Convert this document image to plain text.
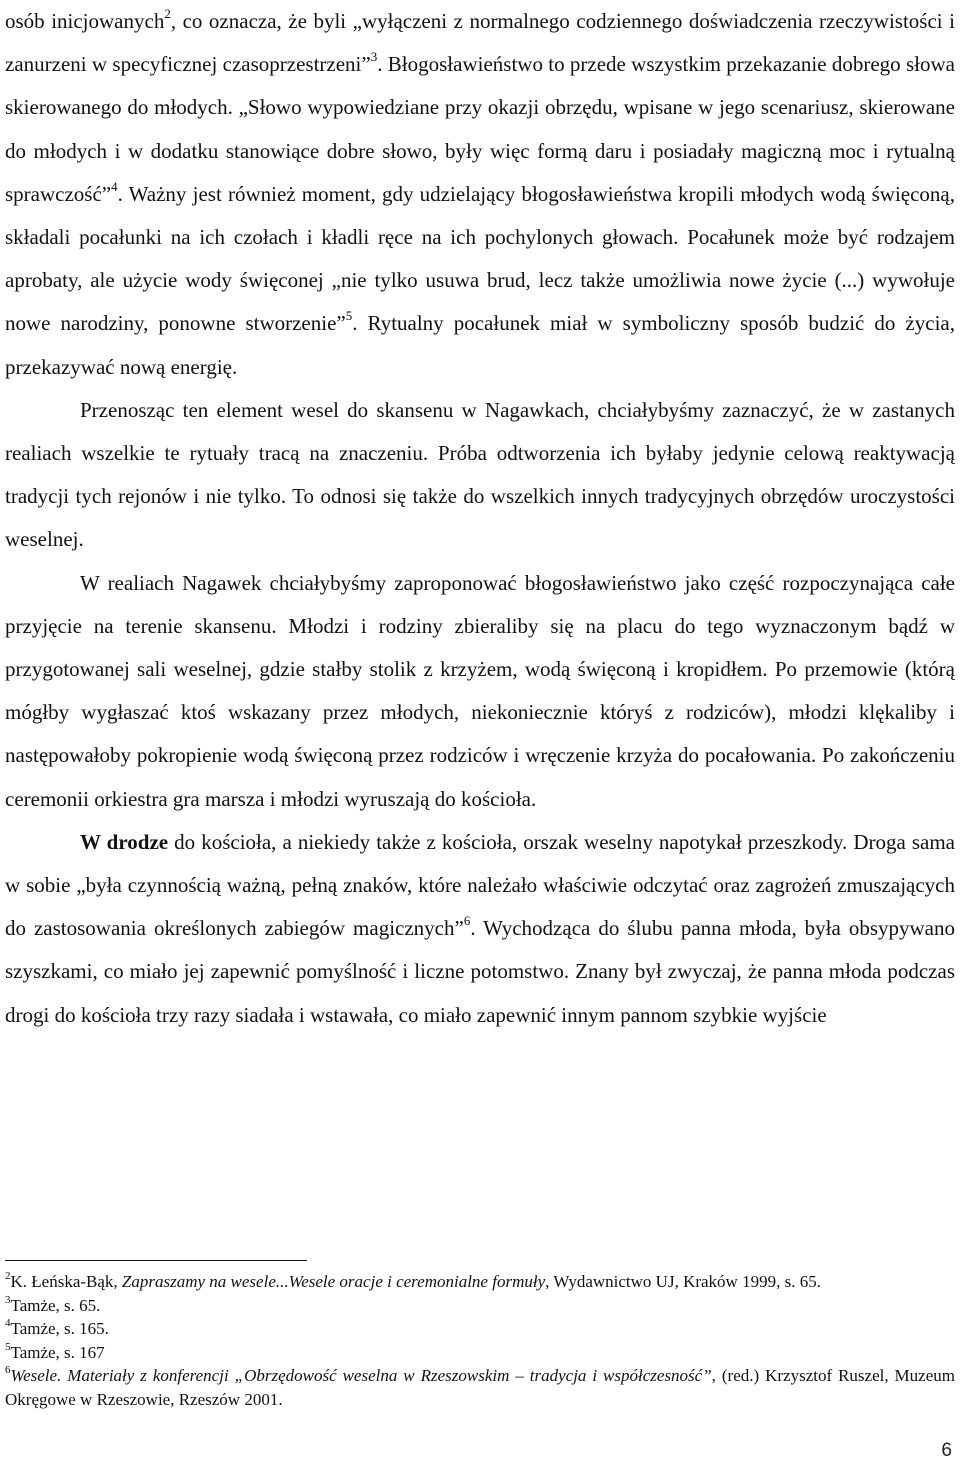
osób inicjowanych$^2$, co oznacza, że byli „wyłączeni z normalnego codziennego doświadczenia rzeczywistości i zanurzeni w specyficznej czasoprzestrzeni”$^3$. Błogosławieństwo to przede wszystkim przekazanie dobrego słowa skierowanego do młodych. „Słowo wypowiedziane przy okazji obrzędu, wpisane w jego scenariusz, skierowane do młodych i w dodatku stanowiące dobre słowo, były więc formą daru i posiadały magiczną moc i rytualną sprawczość”$^4$. Ważny jest również moment, gdy udzielający błogosławieństwa kropili młodych wodą święconą, składali pocałunki na ich czołach i kładli ręce na ich pochylonych głowach. Pocałunek może być rodzajem aprobaty, ale użycie wody święconej „nie tylko usuwa brud, lecz także umożliwia nowe życie (...) wywołuje nowe narodziny, ponowne stworzenie”$^5$. Rytualny pocałunek miał w symboliczny sposób budzić do życia, przekazywać nową energię.

Przenosząc ten element wesel do skansenu w Nagawkach, chciałybyśmy zaznaczyć, że w zastanych realiach wszelkie te rytuały tracą na znaczeniu. Próba odtworzenia ich byłaby jedynie celową reaktywacją tradycji tych rejonów i nie tylko. To odnosi się także do wszelkich innych tradycyjnych obrzędów uroczystości weselnej.

W realiach Nagawek chciałybyśmy zaproponować błogosławieństwo jako część rozpoczynająca całe przyjęcie na terenie skansenu. Młodzi i rodziny zbieraliby się na placu do tego wyznaczonym bądź w przygotowanej sali weselnej, gdzie stałby stolik z krzyżem, wodą święconą i kropidłem. Po przemowie (którą mógłby wygłaszać ktoś wskazany przez młodych, niekoniecznie któryś z rodziców), młodzi klękaliby i następowałoby pokropienie wodą święconą przez rodziców i wręczenie krzyża do pocałowania. Po zakończeniu ceremonii orkiestra gra marsza i młodzi wyruszają do kościoła.

W drodze do kościoła, a niekiedy także z kościoła, orszak weselny napotykał przeszkody. Droga sama w sobie „była czynnością ważną, pełną znaków, które należało właściwie odczytać oraz zagrożeń zmuszających do zastosowania określonych zabiegów magicznych”$^6$. Wychodząca do ślubu panna młoda, była obsypywano szyszkami, co miało jej zapewnić pomyślność i liczne potomstwo. Znany był zwyczaj, że panna młoda podczas drogi do kościoła trzy razy siadała i wstawała, co miało zapewnić innym pannom szybkie wyjście

$^2$K. Łeńska-Bąk, Zapraszamy na wesele...Wesele oracje i ceremonialne formuły, Wydawnictwo UJ, Kraków 1999, s. 65.

$^3$Tamże, s. 65.

$^4$Tamże, s. 165.

$^5$Tamże, s. 167

$^6$Wesele. Materiały z konferencji „Obrzędowość weselna w Rzeszowskim – tradycja i współczesność”, (red.) Krzysztof Ruszel, Muzeum Okręgowe w Rzeszowie, Rzeszów 2001.

6
